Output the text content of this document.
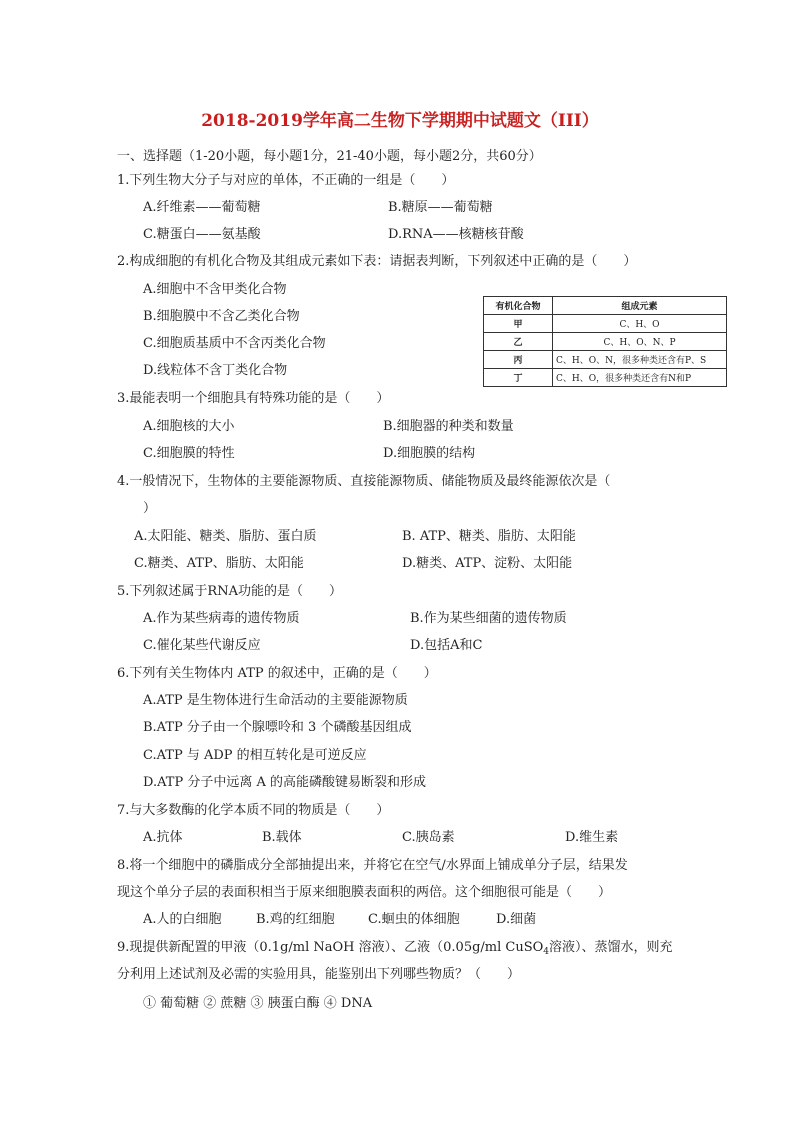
2018-2019学年高二生物下学期期中试题文（III）
一、选择题（1-20小题，每小题1分，21-40小题，每小题2分，共60分）
1.下列生物大分子与对应的单体，不正确的一组是（　　）
A.纤维素——葡萄糖	B.糖原——葡萄糖
C.糖蛋白——氨基酸	D.RNA——核糖核苷酸
2.构成细胞的有机化合物及其组成元素如下表：请据表判断，下列叙述中正确的是（　　）
A.细胞中不含甲类化合物
B.细胞膜中不含乙类化合物
C.细胞质基质中不含丙类化合物
D.线粒体不含丁类化合物
有机化合物	组成元素
甲	C、H、O
乙	C、H、O、N、P
丙	C、H、O、N，很多种类还含有P、S
丁	C、H、O，很多种类还含有N和P
3.最能表明一个细胞具有特殊功能的是（　　）
A.细胞核的大小	B.细胞器的种类和数量
C.细胞膜的特性	D.细胞膜的结构
4.一般情况下，生物体的主要能源物质、直接能源物质、储能物质及最终能源依次是（
）
A.太阳能、糖类、脂肪、蛋白质	B. ATP、糖类、脂肪、太阳能
C.糖类、ATP、脂肪、太阳能	D.糖类、ATP、淀粉、太阳能
5.下列叙述属于RNA功能的是（　　）
A.作为某些病毒的遗传物质	B.作为某些细菌的遗传物质
C.催化某些代谢反应	D.包括A和C
6.下列有关生物体内 ATP 的叙述中，正确的是（　　）
A.ATP 是生物体进行生命活动的主要能源物质
B.ATP 分子由一个腺嘌呤和 3 个磷酸基因组成
C.ATP 与 ADP 的相互转化是可逆反应
D.ATP 分子中远离 A 的高能磷酸键易断裂和形成
7.与大多数酶的化学本质不同的物质是（　　）
A.抗体	B.载体	C.胰岛素	D.维生素
8.将一个细胞中的磷脂成分全部抽提出来，并将它在空气/水界面上铺成单分子层，结果发
现这个单分子层的表面积相当于原来细胞膜表面积的两倍。这个细胞很可能是（　　）
A.人的白细胞	B.鸡的红细胞	C.蛔虫的体细胞	D.细菌
9.现提供新配置的甲液（0.1g/ml NaOH 溶液）、乙液（0.05g/ml CuSO$_4$溶液）、蒸馏水，则充
分利用上述试剂及必需的实验用具，能鉴别出下列哪些物质？（　　）
① 葡萄糖 ② 蔗糖 ③ 胰蛋白酶 ④ DNA
